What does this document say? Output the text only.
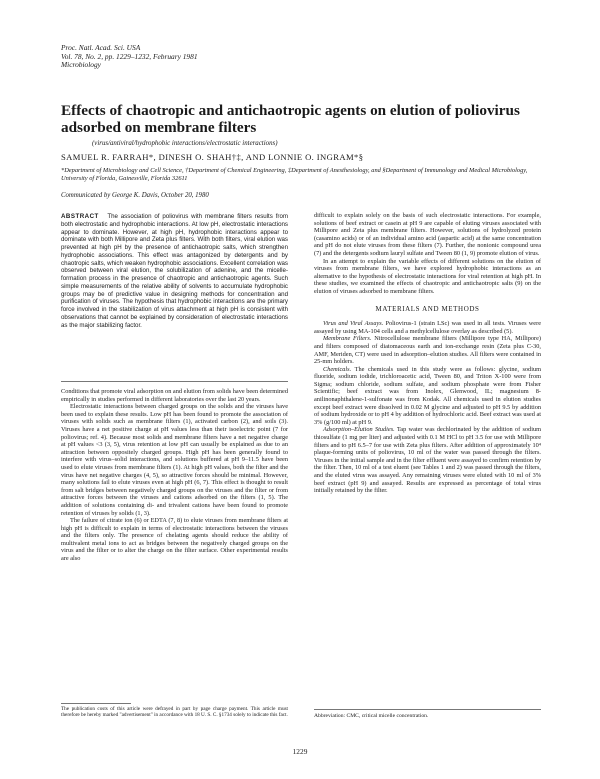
Proc. Natl. Acad. Sci. USA
Vol. 78, No. 2, pp. 1229–1232, February 1981
Microbiology
Effects of chaotropic and antichaotropic agents on elution of poliovirus adsorbed on membrane filters
(virus/antiviral/hydrophobic interactions/electrostatic interactions)
SAMUEL R. FARRAH*, DINESH O. SHAH†‡, AND LONNIE O. INGRAM*§
*Department of Microbiology and Cell Science, †Department of Chemical Engineering, ‡Department of Anesthesiology, and §Department of Immunology and Medical Microbiology, University of Florida, Gainesville, Florida 32611
Communicated by George K. Davis, October 20, 1980
ABSTRACT The association of poliovirus with membrane filters results from both electrostatic and hydrophobic interactions. At low pH, electrostatic interactions appear to dominate. However, at high pH, hydrophobic interactions appear to dominate with both Millipore and Zeta plus filters. With both filters, viral elution was prevented at high pH by the presence of antichaotropic salts, which strengthen hydrophobic associations. This effect was antagonized by detergents and by chaotropic salts, which weaken hydrophobic associations. Excellent correlation was observed between viral elution, the solubilization of adenine, and the micelle-formation process in the presence of chaotropic and antichaotropic agents. Such simple measurements of the relative ability of solvents to accumulate hydrophobic groups may be of predictive value in designing methods for concentration and purification of viruses. The hypothesis that hydrophobic interactions are the primary force involved in the stabilization of virus attachment at high pH is consistent with observations that cannot be explained by consideration of electrostatic interactions as the major stabilizing factor.

Conditions that promote viral adsorption on and elution from solids have been determined empirically in studies performed in different laboratories over the last 20 years.

Electrostatic interactions between charged groups on the solids and the viruses have been used to explain these results. Low pH has been found to promote the association of viruses with solids such as membrane filters (1), activated carbon (2), and soils (3). Viruses have a net positive charge at pH values less than their isoelectric point (7 for poliovirus; ref. 4). Because most solids and membrane filters have a net negative charge at pH values <3 (3, 5), virus retention at low pH can usually be explained as due to an attraction between oppositely charged groups. High pH has been generally found to interfere with virus–solid interactions, and solutions buffered at pH 9–11.5 have been used to elute viruses from membrane filters (1). At high pH values, both the filter and the virus have net negative charges (4, 5), so attractive forces should be minimal. However, many solutions fail to elute viruses even at high pH (6, 7). This effect is thought to result from salt bridges between negatively charged groups on the viruses and the filter or from attractive forces between the viruses and cations adsorbed on the filters (1, 5). The addition of solutions containing di- and trivalent cations have been found to promote retention of viruses by solids (1, 3).

The failure of citrate ion (6) or EDTA (7, 8) to elute viruses from membrane filters at high pH is difficult to explain in terms of electrostatic interactions between the viruses and the filters only. The presence of chelating agents should reduce the ability of multivalent metal ions to act as bridges between the negatively charged groups on the virus and the filter or to alter the charge on the filter surface. Other experimental results are also

The publication costs of this article were defrayed in part by page charge payment. This article must therefore be hereby marked "advertisement" in accordance with 18 U. S. C. §1734 solely to indicate this fact.

difficult to explain solely on the basis of such electrostatic interactions. For example, solutions of beef extract or casein at pH 9 are capable of eluting viruses associated with Millipore and Zeta plus membrane filters. However, solutions of hydrolyzed protein (casamino acids) or of an individual amino acid (aspartic acid) at the same concentration and pH do not elute viruses from these filters (7). Further, the nonionic compound urea (7) and the detergents sodium lauryl sulfate and Tween 80 (1, 9) promote elution of virus.

In an attempt to explain the variable effects of different solutions on the elution of viruses from membrane filters, we have explored hydrophobic interactions as an alternative to the hypothesis of electrostatic interactions for viral retention at high pH. In these studies, we examined the effects of chaotropic and antichaotropic salts (9) on the elution of viruses adsorbed to membrane filters.

MATERIALS AND METHODS

Virus and Viral Assays. Poliovirus-1 (strain LSc) was used in all tests. Viruses were assayed by using MA-104 cells and a methylcellulose overlay as described (5).

Membrane Filters. Nitrocellulose membrane filters (Millipore type HA, Millipore) and filters composed of diatomaceous earth and ion-exchange resin (Zeta plus C-30, AMF, Meriden, CT) were used in adsorption–elution studies. All filters were contained in 25-mm holders.

Chemicals. The chemicals used in this study were as follows: glycine, sodium fluoride, sodium iodide, trichloroacetic acid, Tween 80, and Triton X-100 were from Sigma; sodium chloride, sodium sulfate, and sodium phosphate were from Fisher Scientific; beef extract was from Inolex, Glenwood, IL; magnesium 8-anilinonaphthalene-1-sulfonate was from Kodak. All chemicals used in elution studies except beef extract were dissolved in 0.02 M glycine and adjusted to pH 9.5 by addition of sodium hydroxide or to pH 4 by addition of hydrochloric acid. Beef extract was used at 3% (g/100 ml) at pH 9.

Adsorption–Elution Studies. Tap water was dechlorinated by the addition of sodium thiosulfate (1 mg per liter) and adjusted with 0.1 M HCl to pH 3.5 for use with Millipore filters and to pH 6.5–7 for use with Zeta plus filters. After addition of approximately 10⁴ plaque-forming units of poliovirus, 10 ml of the water was passed through the filters. Viruses in the initial sample and in the filter effluent were assayed to confirm retention by the filter. Then, 10 ml of a test eluent (see Tables 1 and 2) was passed through the filters, and the eluted virus was assayed. Any remaining viruses were eluted with 10 ml of 3% beef extract (pH 9) and assayed. Results are expressed as percentage of total virus initially retained by the filter.

Abbreviation: CMC, critical micelle concentration.
1229
